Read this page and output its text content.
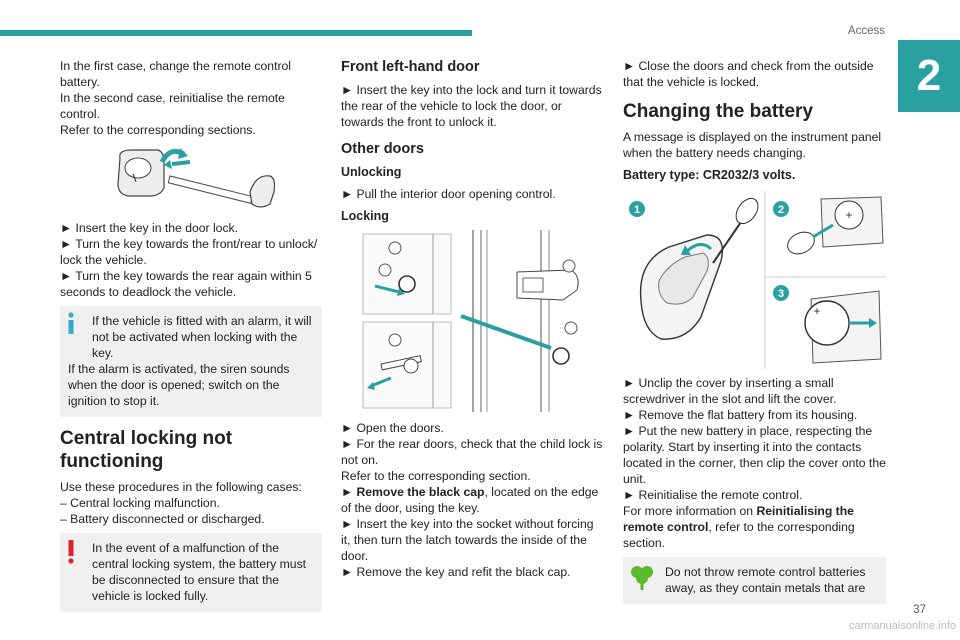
Access
2

In the first case, change the remote control battery.

In the second case, reinitialise the remote control.

Refer to the corresponding sections.

► Insert the key in the door lock.

► Turn the key towards the front/rear to unlock/ lock the vehicle.

► Turn the key towards the rear again within 5 seconds to deadlock the vehicle.

If the vehicle is fitted with an alarm, it will not be activated when locking with the key.

If the alarm is activated, the siren sounds when the door is opened; switch on the ignition to stop it.

Central locking not functioning

Use these procedures in the following cases:

– Central locking malfunction.

– Battery disconnected or discharged.

In the event of a malfunction of the central locking system, the battery must be disconnected to ensure that the vehicle is locked fully.

Front left-hand door

► Insert the key into the lock and turn it towards the rear of the vehicle to lock the door, or towards the front to unlock it.

Other doors
Unlocking

► Pull the interior door opening control.

Locking

► Open the doors.

► For the rear doors, check that the child lock is not on.

Refer to the corresponding section.

► Remove the black cap, located on the edge of the door, using the key.

► Insert the key into the socket without forcing it, then turn the latch towards the inside of the door.

► Remove the key and refit the black cap.

► Close the doors and check from the outside that the vehicle is locked.

Changing the battery

A message is displayed on the instrument panel when the battery needs changing.

Battery type: CR2032/3 volts.
1	2	+
3
+

► Unclip the cover by inserting a small screwdriver in the slot and lift the cover.

► Remove the flat battery from its housing.

► Put the new battery in place, respecting the polarity. Start by inserting it into the contacts located in the corner, then clip the cover onto the unit.

► Reinitialise the remote control.

For more information on Reinitialising the remote control, refer to the corresponding section.

Do not throw remote control batteries away, as they contain metals that are

37
carmanualsonline.info
